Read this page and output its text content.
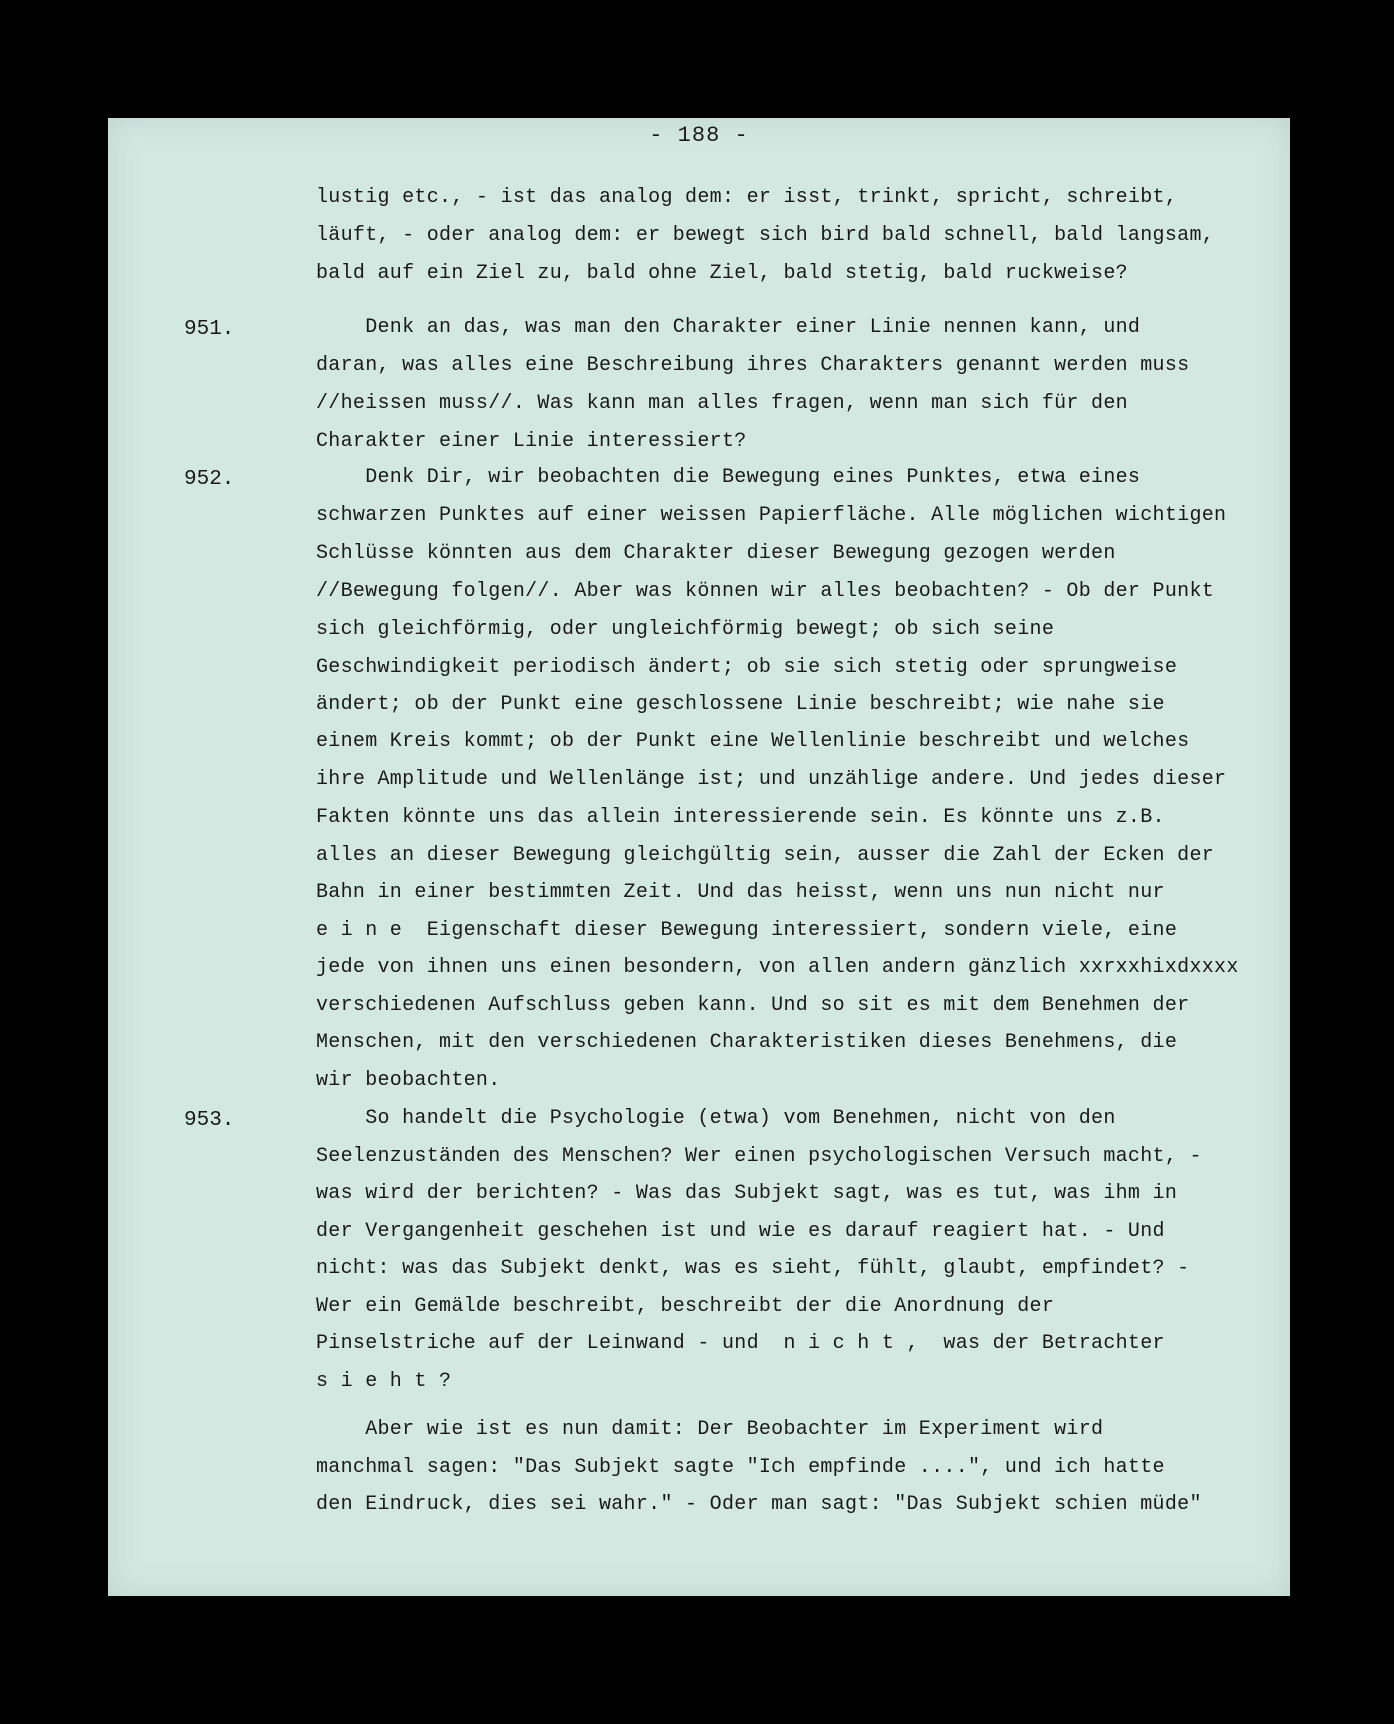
- 188 -
951.
952.
953.
lustig etc., - ist das analog dem: er isst, trinkt, spricht, schreibt,
läuft, - oder analog dem: er bewegt sich bird bald schnell, bald langsam,
bald auf ein Ziel zu, bald ohne Ziel, bald stetig, bald ruckweise?
Denk an das, was man den Charakter einer Linie nennen kann, und
daran, was alles eine Beschreibung ihres Charakters genannt werden muss
//heissen muss//. Was kann man alles fragen, wenn man sich für den
Charakter einer Linie interessiert?
Denk Dir, wir beobachten die Bewegung eines Punktes, etwa eines
schwarzen Punktes auf einer weissen Papierfläche. Alle möglichen wichtigen
Schlüsse könnten aus dem Charakter dieser Bewegung gezogen werden
//Bewegung folgen//. Aber was können wir alles beobachten? - Ob der Punkt
sich gleichförmig, oder ungleichförmig bewegt; ob sich seine
Geschwindigkeit periodisch ändert; ob sie sich stetig oder sprungweise
ändert; ob der Punkt eine geschlossene Linie beschreibt; wie nahe sie
einem Kreis kommt; ob der Punkt eine Wellenlinie beschreibt und welches
ihre Amplitude und Wellenlänge ist; und unzählige andere. Und jedes dieser
Fakten könnte uns das allein interessierende sein. Es könnte uns z.B.
alles an dieser Bewegung gleichgültig sein, ausser die Zahl der Ecken der
Bahn in einer bestimmten Zeit. Und das heisst, wenn uns nun nicht nur
e i n e  Eigenschaft dieser Bewegung interessiert, sondern viele, eine
jede von ihnen uns einen besondern, von allen andern gänzlich xxrxxhixdxxxx
verschiedenen Aufschluss geben kann. Und so sit es mit dem Benehmen der
Menschen, mit den verschiedenen Charakteristiken dieses Benehmens, die
wir beobachten.
So handelt die Psychologie (etwa) vom Benehmen, nicht von den
Seelenzuständen des Menschen? Wer einen psychologischen Versuch macht, -
was wird der berichten? - Was das Subjekt sagt, was es tut, was ihm in
der Vergangenheit geschehen ist und wie es darauf reagiert hat. - Und
nicht: was das Subjekt denkt, was es sieht, fühlt, glaubt, empfindet? -
Wer ein Gemälde beschreibt, beschreibt der die Anordnung der
Pinselstriche auf der Leinwand - und  n i c h t ,  was der Betrachter
s i e h t ?
Aber wie ist es nun damit: Der Beobachter im Experiment wird
manchmal sagen: "Das Subjekt sagte "Ich empfinde ....", und ich hatte
den Eindruck, dies sei wahr." - Oder man sagt: "Das Subjekt schien müde"
